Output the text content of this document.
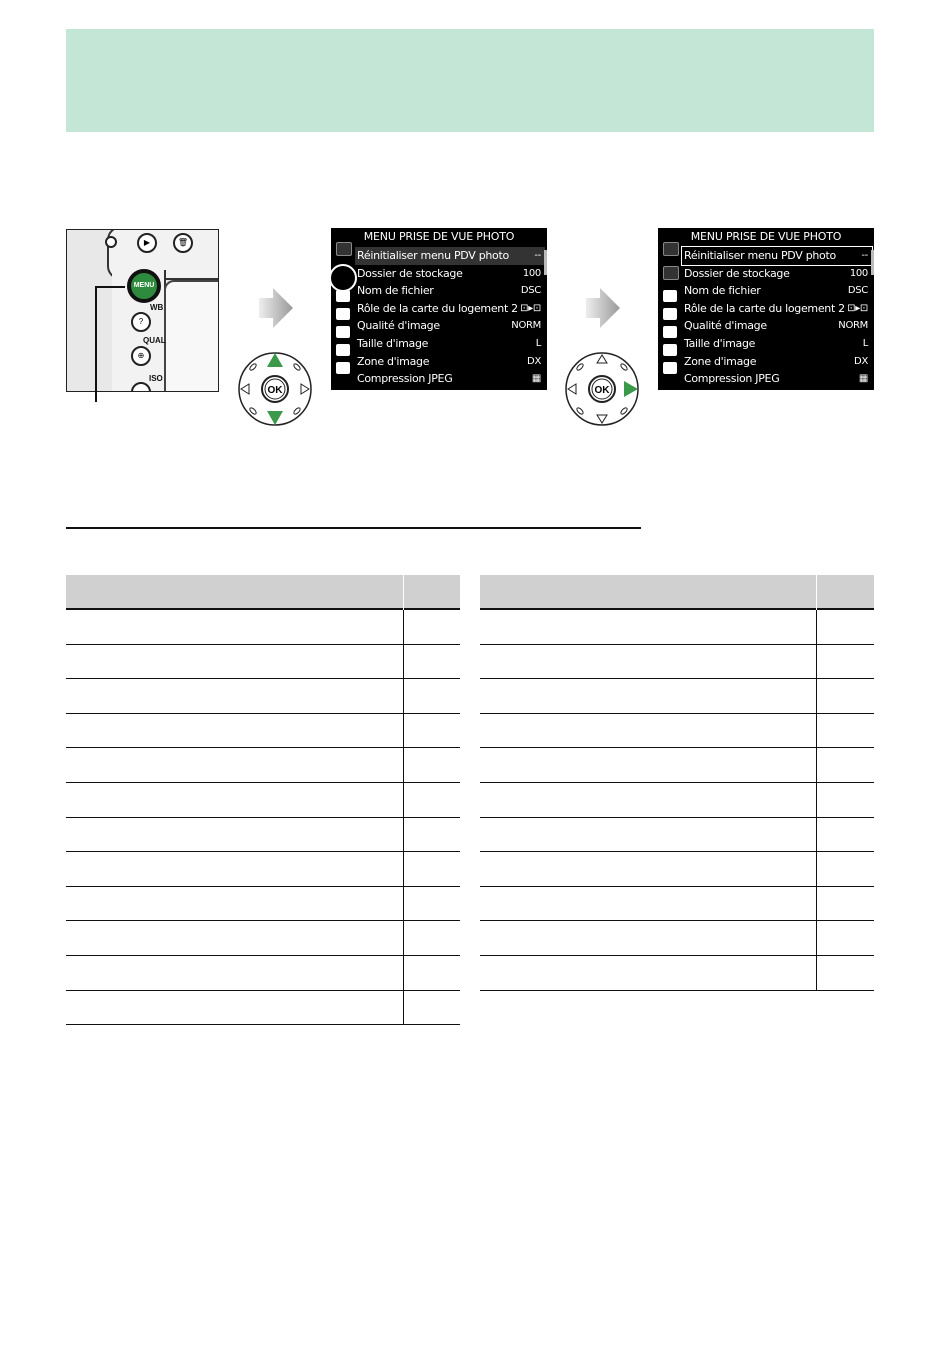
▶	🗑
MENU
WB
?
QUAL
⊕
ISO
OK	OK
MENU PRISE DE VUE PHOTO
Réinitialiser menu PDV photo	--
Dossier de stockage	100
Nom de fichier	DSC
Rôle de la carte du logement 2 ⊡▸⊡
Qualité d'image	NORM
Taille d'image	L
Zone d'image	DX
Compression JPEG	▦
MENU PRISE DE VUE PHOTO
Réinitialiser menu PDV photo	--
Dossier de stockage	100
Nom de fichier	DSC
Rôle de la carte du logement 2 ⊡▸⊡
Qualité d'image	NORM
Taille d'image	L
Zone d'image	DX
Compression JPEG	▦
